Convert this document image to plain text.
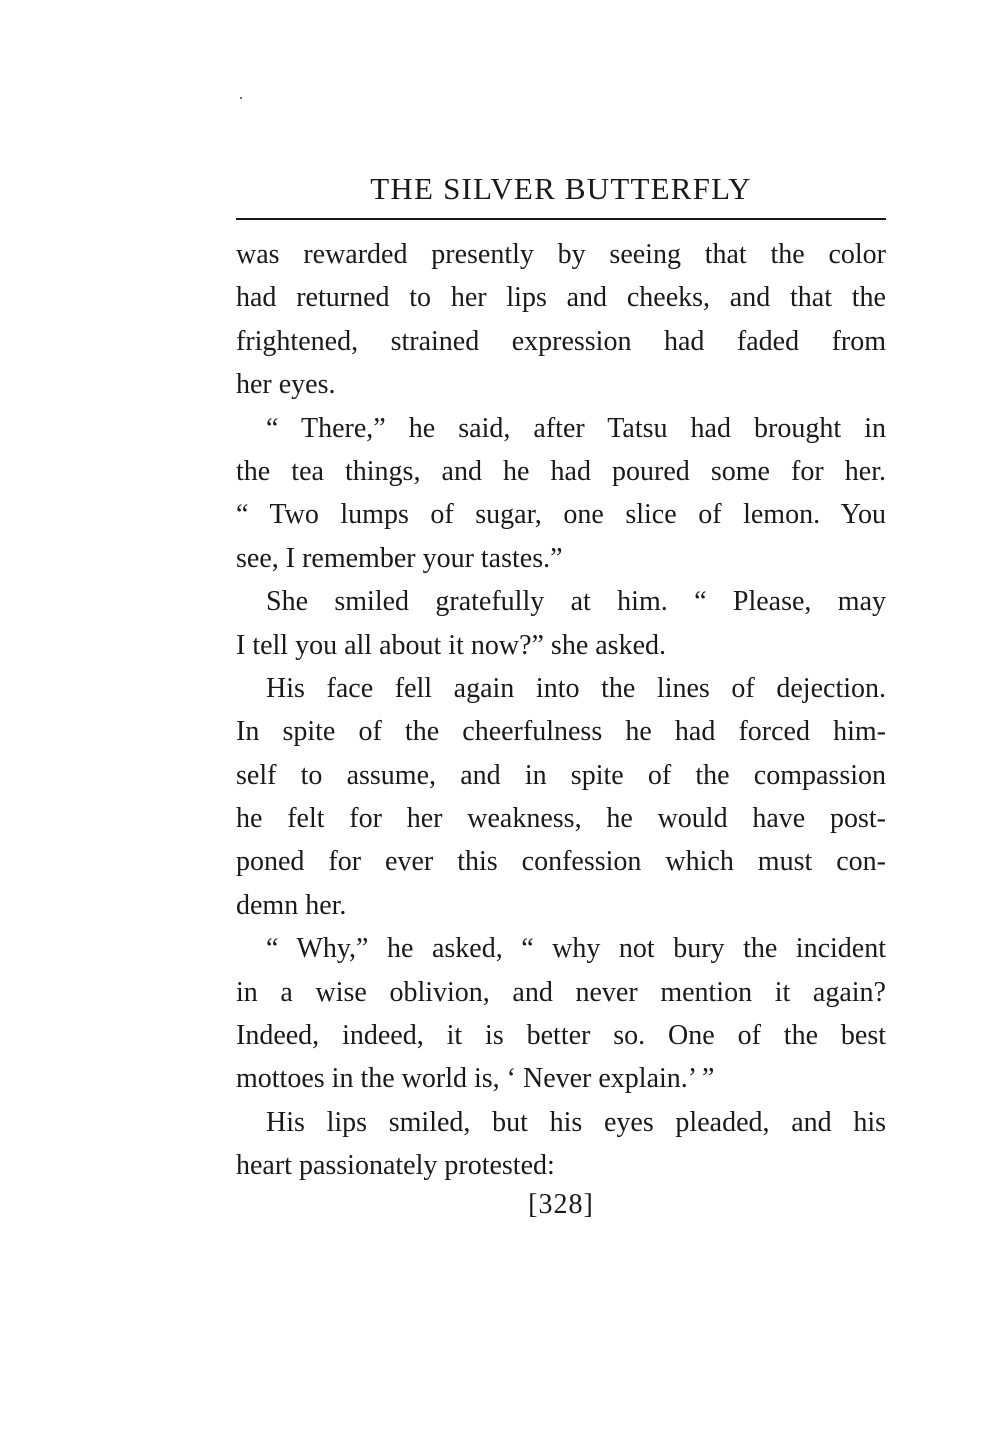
THE SILVER BUTTERFLY
was rewarded presently by seeing that the color
had returned to her lips and cheeks, and that the
frightened, strained expression had faded from
her eyes.
“ There,” he said, after Tatsu had brought in
the tea things, and he had poured some for her.
“ Two lumps of sugar, one slice of lemon. You
see, I remember your tastes.”
She smiled gratefully at him. “ Please, may
I tell you all about it now?” she asked.
His face fell again into the lines of dejection.
In spite of the cheerfulness he had forced him-
self to assume, and in spite of the compassion
he felt for her weakness, he would have post-
poned for ever this confession which must con-
demn her.
“ Why,” he asked, “ why not bury the incident
in a wise oblivion, and never mention it again?
Indeed, indeed, it is better so. One of the best
mottoes in the world is, ‘ Never explain.’ ”
His lips smiled, but his eyes pleaded, and his
heart passionately protested:
[328]
